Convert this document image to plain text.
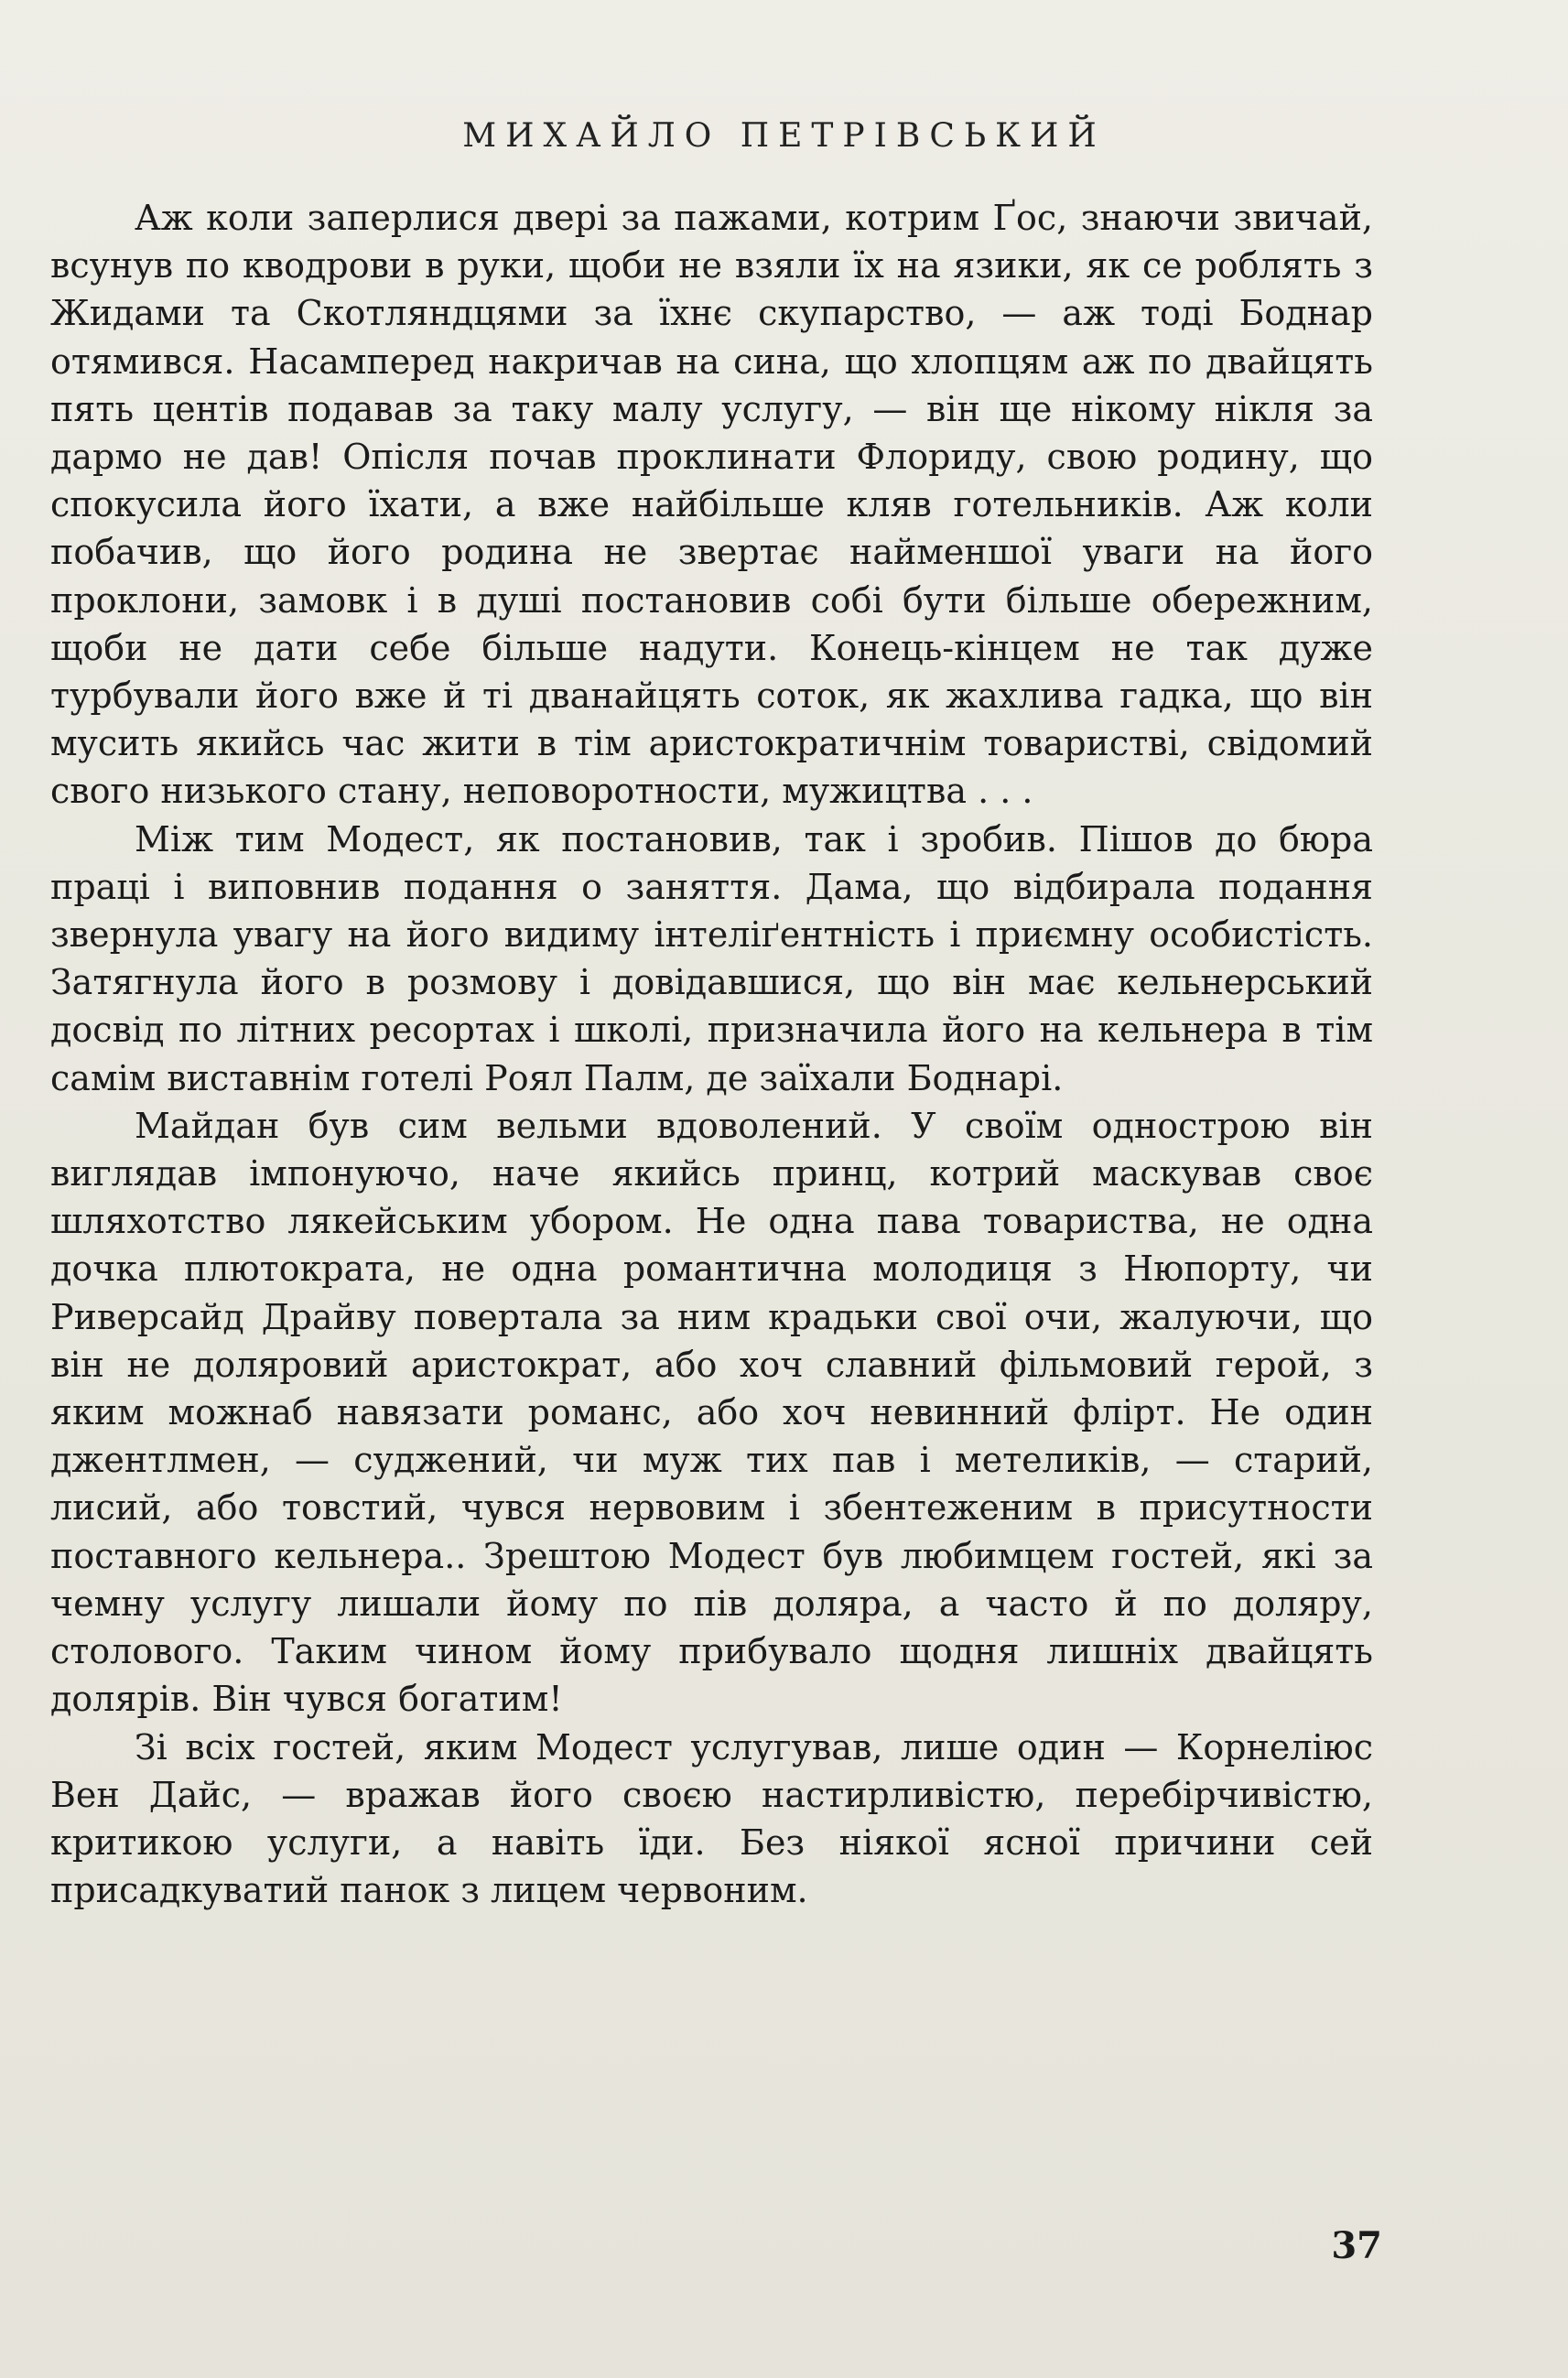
МИХАЙЛО ПЕТРІВСЬКИЙ

Аж коли заперлися двері за пажами, котрим Ґос, знаючи звичай, всунув по кводрови в руки, щоби не взяли їх на язики, як се роблять з Жидами та Скотляндцями за їхнє скупарство, — аж тоді Боднар отямився. Насамперед накричав на сина, що хлопцям аж по двайцять пять центів подавав за таку малу услугу, — він ще нікому нікля за дармо не дав! Опісля почав проклинати Флориду, свою родину, що спокусила його їхати, а вже найбільше кляв готельників. Аж коли побачив, що його родина не звертає найменшої уваги на його проклони, замовк і в душі постановив собі бути більше обережним, щоби не дати себе більше надути. Конець-кінцем не так дуже турбували його вже й ті дванайцять соток, як жахлива гадка, що він мусить якийсь час жити в тім аристократичнім товаристві, свідомий свого низького стану, неповоротности, мужицтва . . .

Між тим Модест, як постановив, так і зробив. Пішов до бюра праці і виповнив подання о заняття. Дама, що відбирала подання звернула увагу на його видиму інтеліґентність і приємну особистість. Затягнула його в розмову і довідавшися, що він має кельнерський досвід по літних ресортах і школі, призначила його на кельнера в тім самім виставнім готелі Роял Палм, де заїхали Боднарі.

Майдан був сим вельми вдоволений. У своїм однострою він виглядав імпонуючо, наче якийсь принц, котрий маскував своє шляхотство лякейським убором. Не одна пава товариства, не одна дочка плютократа, не одна романтична молодиця з Нюпорту, чи Риверсайд Драйву повертала за ним крадьки свої очи, жалуючи, що він не доляровий аристократ, або хоч славний фільмовий герой, з яким можнаб навязати романс, або хоч невинний флірт. Не один джентлмен, — суджений, чи муж тих пав і метеликів, — старий, лисий, або товстий, чувся нервовим і збентеженим в присутности поставного кельнера.. Зрештою Модест був любимцем гостей, які за чемну услугу лишали йому по пів доляра, а часто й по доляру, столового. Таким чином йому прибувало щодня лишніх двайцять долярів. Він чувся богатим!

Зі всіх гостей, яким Модест услугував, лише один — Корнеліюс Вен Дайс, — вражав його своєю настирливістю, перебірчивістю, критикою услуги, а навіть їди. Без ніякої ясної причини сей присадкуватий панок з лицем червоним.

37
